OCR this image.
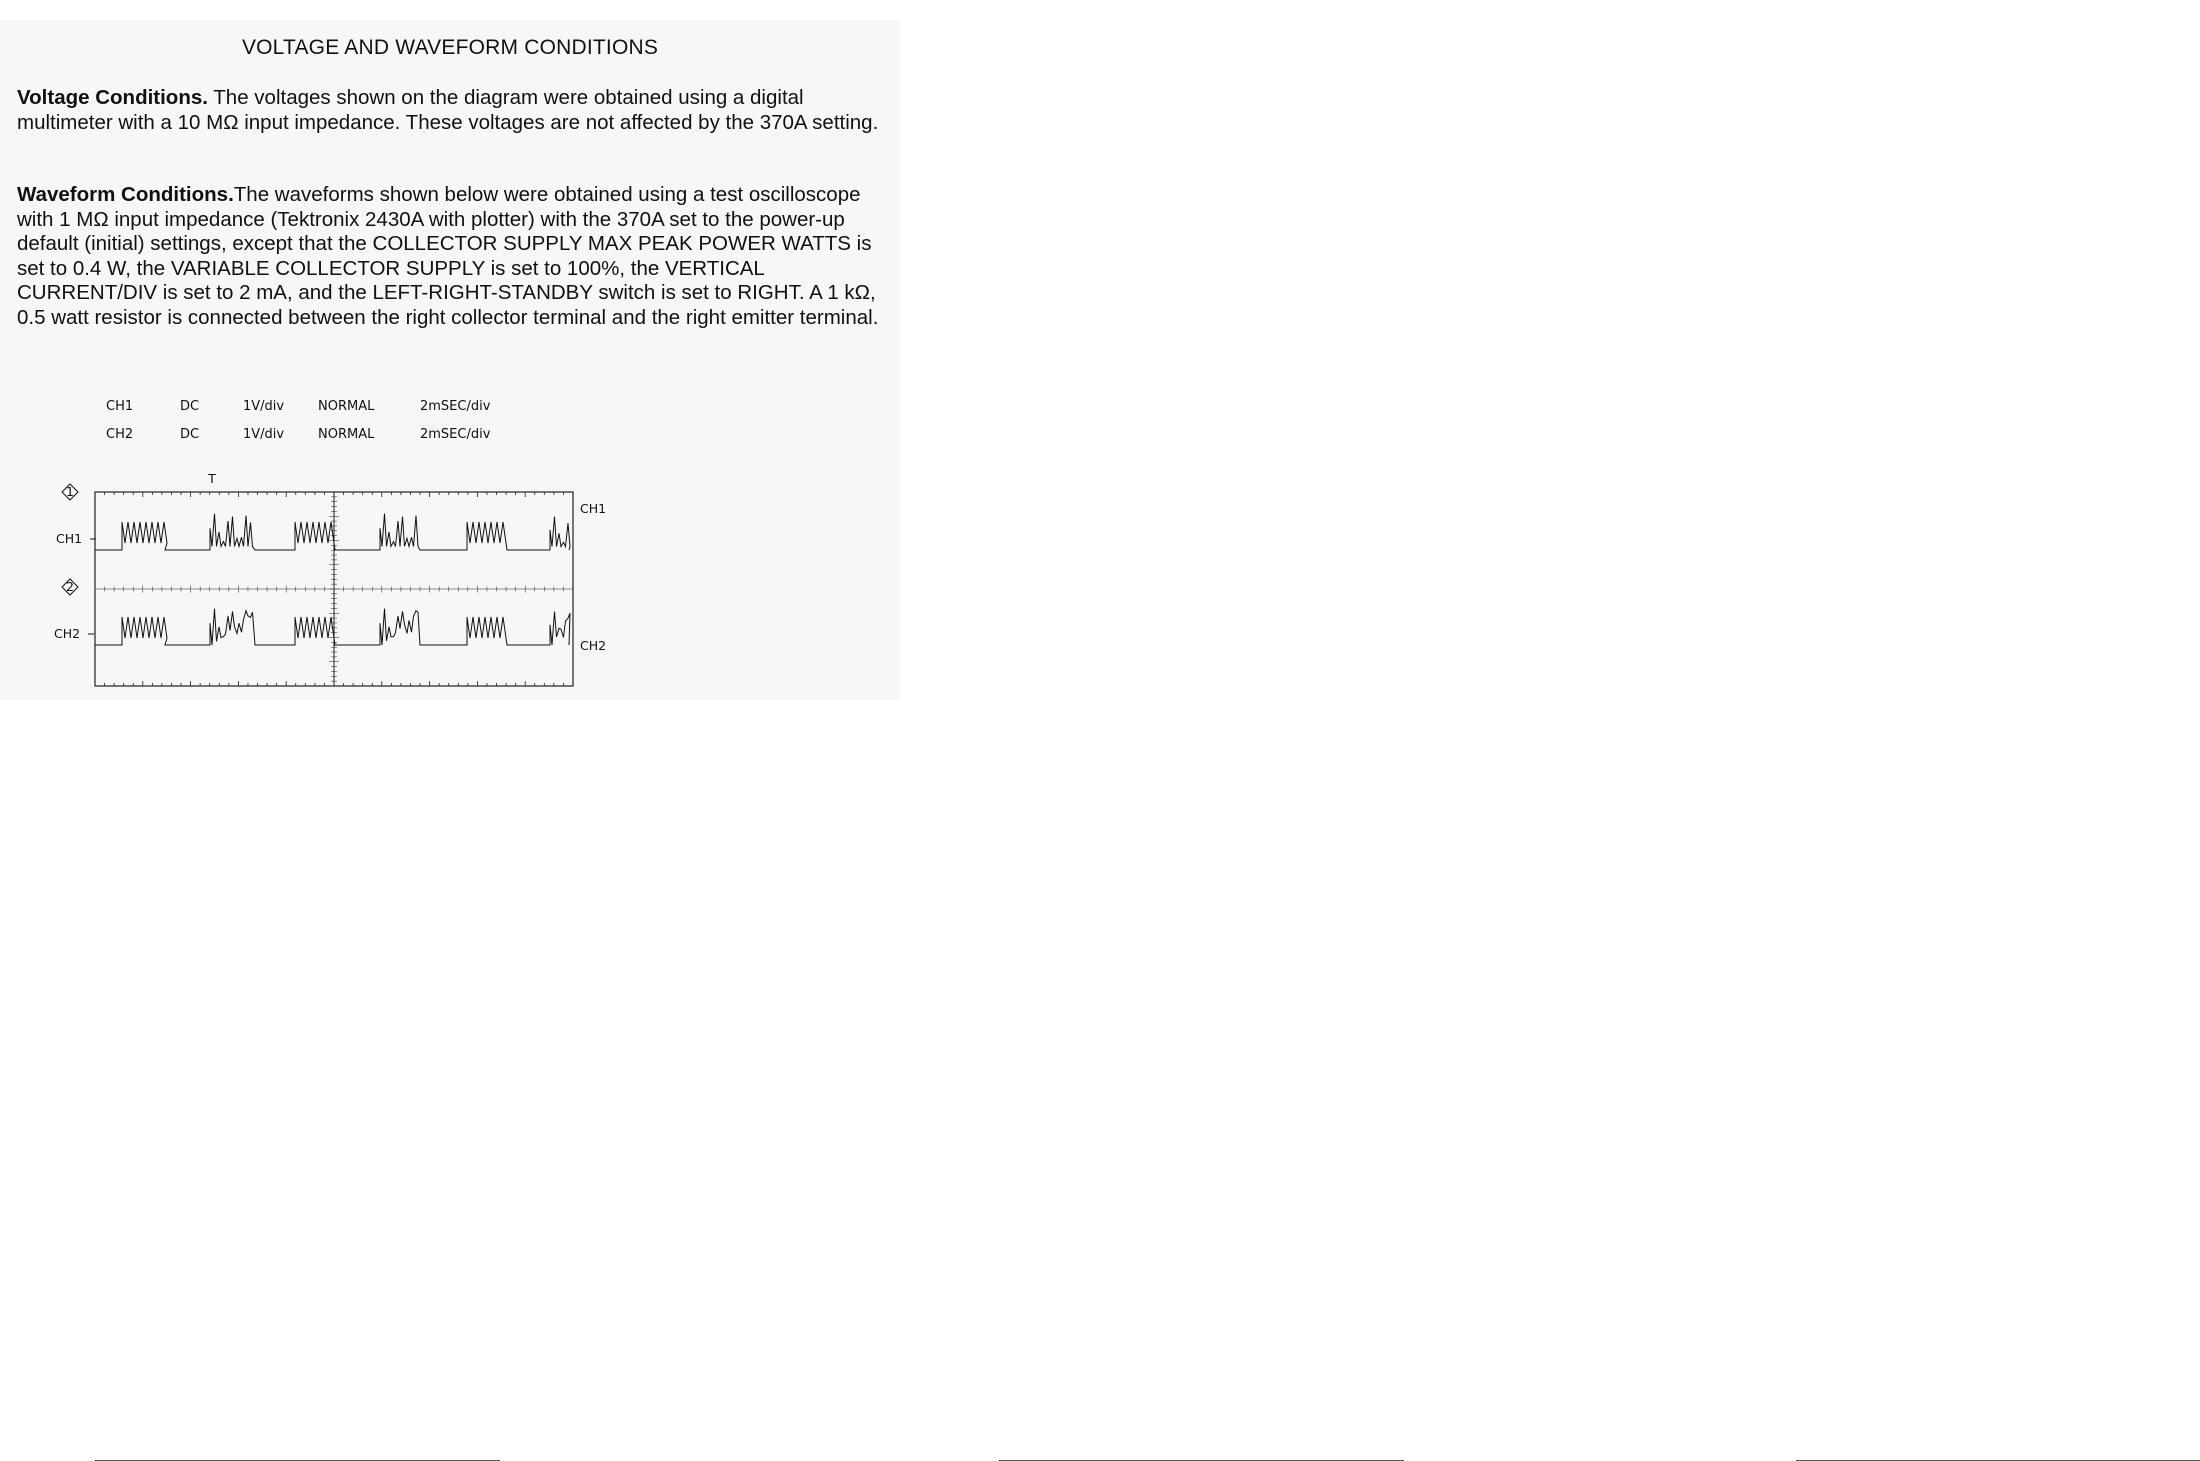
VOLTAGE AND WAVEFORM CONDITIONS

Voltage Conditions. The voltages shown on the diagram were obtained using a digital multimeter with a 10 MΩ input impedance. These voltages are not affected by the 370A setting.

Waveform Conditions.The waveforms shown below were obtained using a test oscilloscope with 1 MΩ input impedance (Tektronix 2430A with plotter) with the 370A set to the power-up default (initial) settings, except that the COLLECTOR SUPPLY MAX PEAK POWER WATTS is set to 0.4 W, the VARIABLE COLLECTOR SUPPLY is set to 100%, the VERTICAL CURRENT/DIV is set to 2 mA, and the LEFT-RIGHT-STANDBY switch is set to RIGHT. A 1 kΩ, 0.5 watt resistor is connected between the right collector terminal and the right emitter terminal.

CH1	DC	1V/div	NORMAL	2mSEC/div
CH2	DC	1V/div	NORMAL	2mSEC/div
T
1
CH1
2
CH2
CH1
CH2
